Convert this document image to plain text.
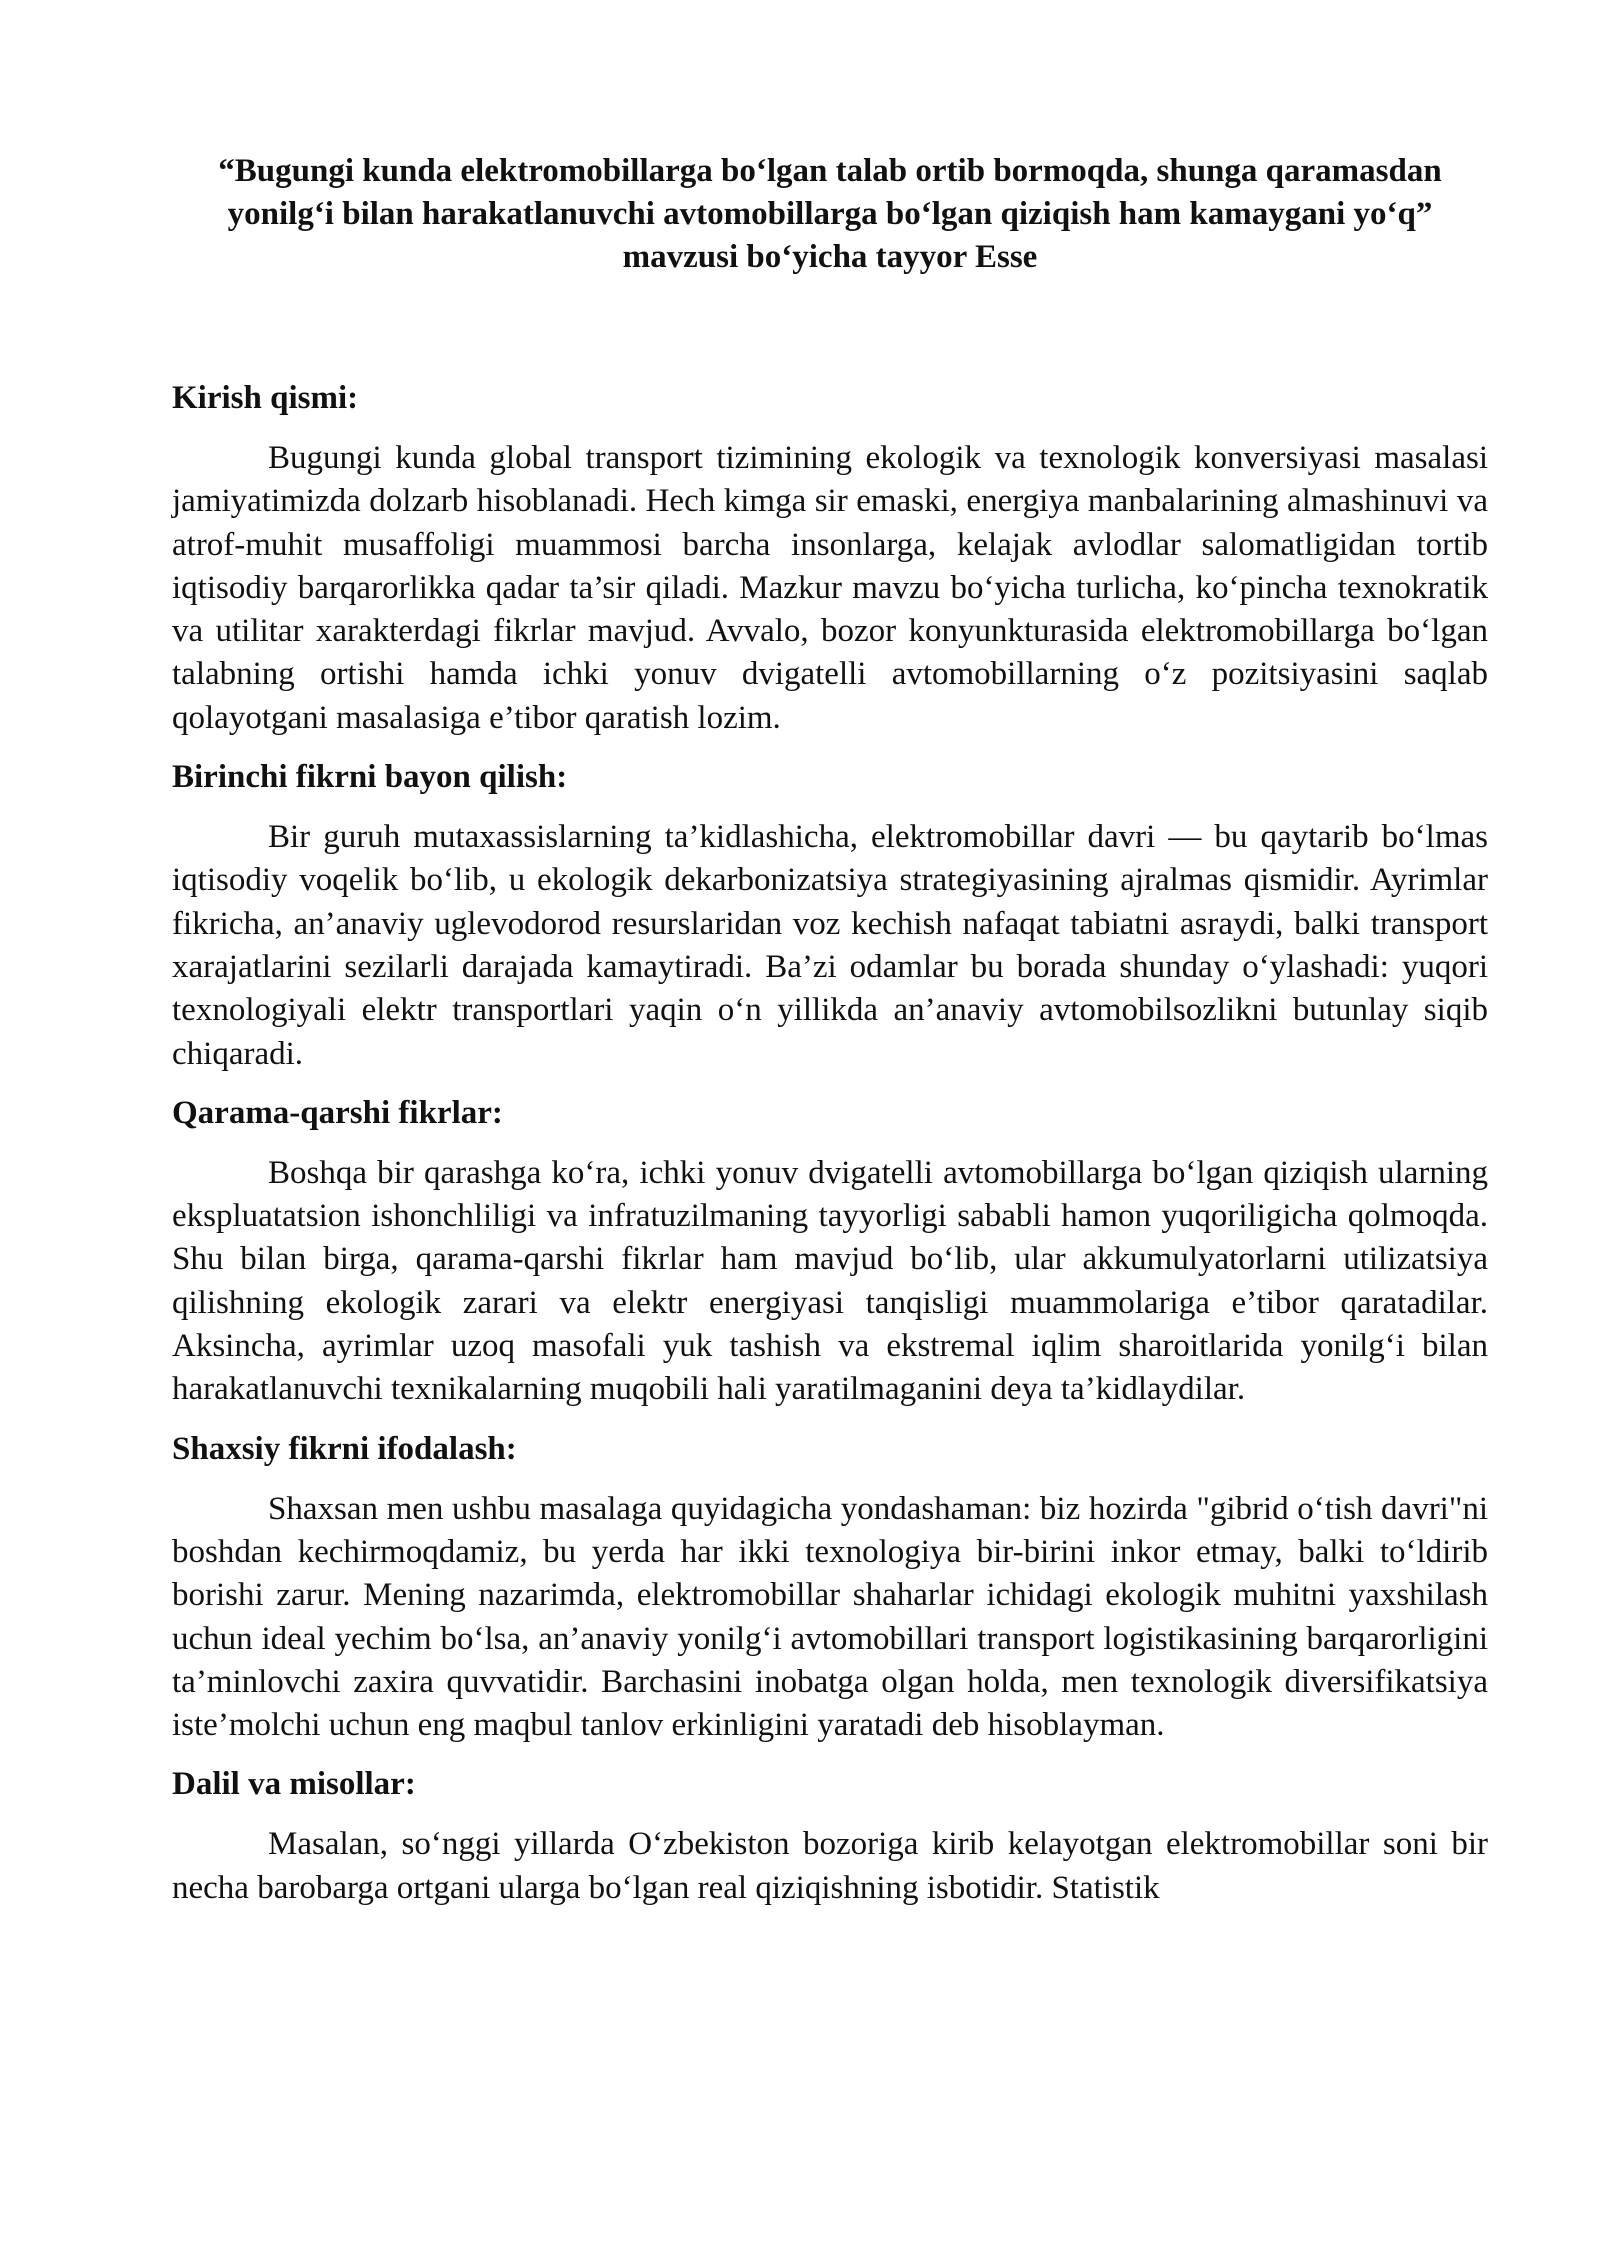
“Bugungi kunda elektromobillarga bo‘lgan talab ortib bormoqda, shunga qaramasdan yonilg‘i bilan harakatlanuvchi avtomobillarga bo‘lgan qiziqish ham kamaygani yo‘q” mavzusi bo‘yicha tayyor Esse
Kirish qismi:

Bugungi kunda global transport tizimining ekologik va texnologik konversiyasi masalasi jamiyatimizda dolzarb hisoblanadi. Hech kimga sir emaski, energiya manbalarining almashinuvi va atrof-muhit musaffoligi muammosi barcha insonlarga, kelajak avlodlar salomatligidan tortib iqtisodiy barqarorlikka qadar ta’sir qiladi. Mazkur mavzu bo‘yicha turlicha, ko‘pincha texnokratik va utilitar xarakterdagi fikrlar mavjud. Avvalo, bozor konyunkturasida elektromobillarga bo‘lgan talabning ortishi hamda ichki yonuv dvigatelli avtomobillarning o‘z pozitsiyasini saqlab qolayotgani masalasiga e’tibor qaratish lozim.

Birinchi fikrni bayon qilish:

Bir guruh mutaxassislarning ta’kidlashicha, elektromobillar davri — bu qaytarib bo‘lmas iqtisodiy voqelik bo‘lib, u ekologik dekarbonizatsiya strategiyasining ajralmas qismidir. Ayrimlar fikricha, an’anaviy uglevodorod resurslaridan voz kechish nafaqat tabiatni asraydi, balki transport xarajatlarini sezilarli darajada kamaytiradi. Ba’zi odamlar bu borada shunday o‘ylashadi: yuqori texnologiyali elektr transportlari yaqin o‘n yillikda an’anaviy avtomobilsozlikni butunlay siqib chiqaradi.

Qarama-qarshi fikrlar:

Boshqa bir qarashga ko‘ra, ichki yonuv dvigatelli avtomobillarga bo‘lgan qiziqish ularning ekspluatatsion ishonchliligi va infratuzilmaning tayyorligi sababli hamon yuqoriligicha qolmoqda. Shu bilan birga, qarama-qarshi fikrlar ham mavjud bo‘lib, ular akkumulyatorlarni utilizatsiya qilishning ekologik zarari va elektr energiyasi tanqisligi muammolariga e’tibor qaratadilar. Aksincha, ayrimlar uzoq masofali yuk tashish va ekstremal iqlim sharoitlarida yonilg‘i bilan harakatlanuvchi texnikalarning muqobili hali yaratilmaganini deya ta’kidlaydilar.

Shaxsiy fikrni ifodalash:

Shaxsan men ushbu masalaga quyidagicha yondashaman: biz hozirda "gibrid o‘tish davri"ni boshdan kechirmoqdamiz, bu yerda har ikki texnologiya bir-birini inkor etmay, balki to‘ldirib borishi zarur. Mening nazarimda, elektromobillar shaharlar ichidagi ekologik muhitni yaxshilash uchun ideal yechim bo‘lsa, an’anaviy yonilg‘i avtomobillari transport logistikasining barqarorligini ta’minlovchi zaxira quvvatidir. Barchasini inobatga olgan holda, men texnologik diversifikatsiya iste’molchi uchun eng maqbul tanlov erkinligini yaratadi deb hisoblayman.

Dalil va misollar:

Masalan, so‘nggi yillarda O‘zbekiston bozoriga kirib kelayotgan elektromobillar soni bir necha barobarga ortgani ularga bo‘lgan real qiziqishning isbotidir. Statistik
